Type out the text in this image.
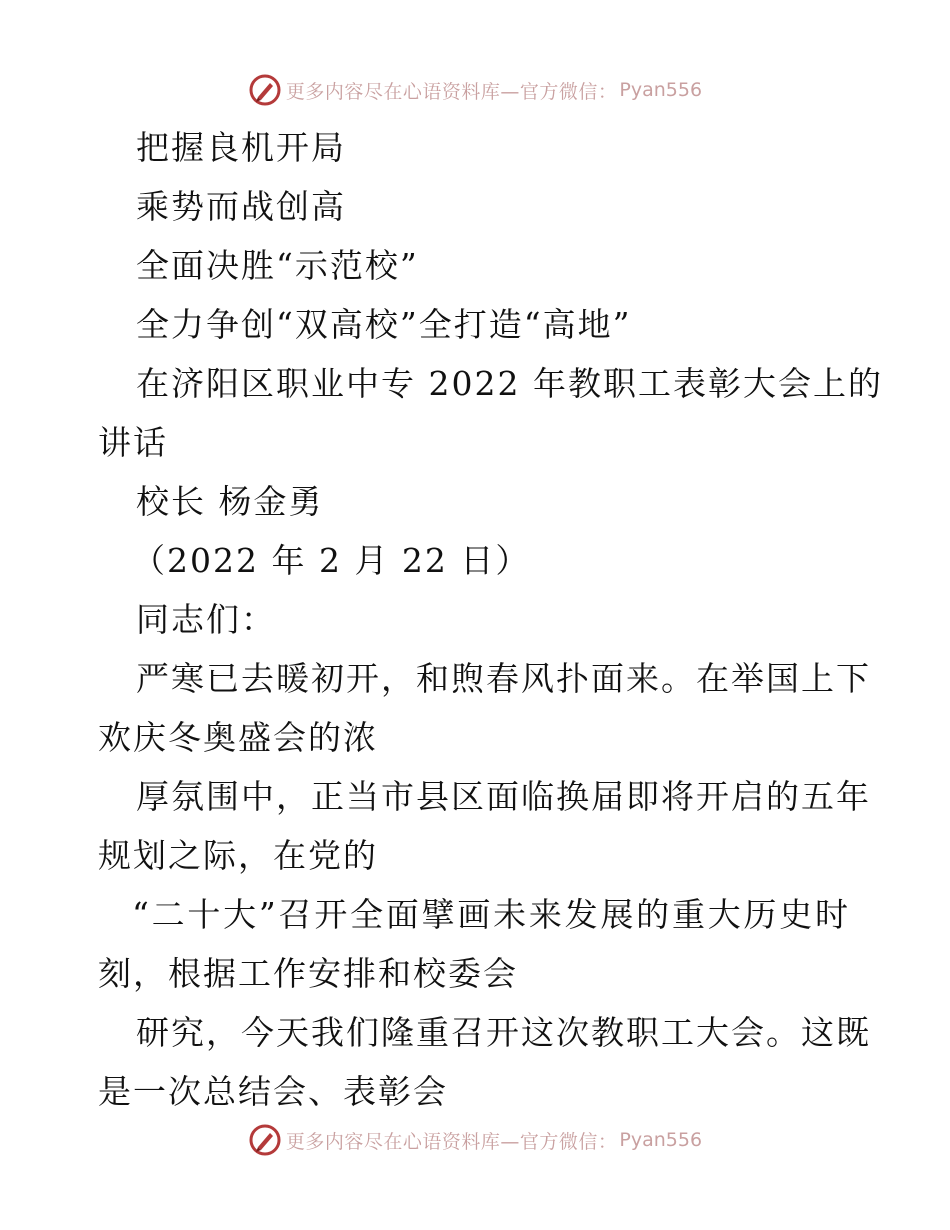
更多内容尽在心语资料库—官方微信： Pyan556
把握良机开局
乘势而战创高
全面决胜“示范校”
全力争创“双高校”全打造“高地”
在济阳区职业中专 2022 年教职工表彰大会上的
讲话
校长 杨金勇
（2022 年 2 月 22 日）
同志们：
严寒已去暖初开，和煦春风扑面来。在举国上下
欢庆冬奥盛会的浓
厚氛围中，正当市县区面临换届即将开启的五年
规划之际，在党的
“二十大”召开全面擘画未来发展的重大历史时
刻，根据工作安排和校委会
研究，今天我们隆重召开这次教职工大会。这既
是一次总结会、表彰会
更多内容尽在心语资料库—官方微信： Pyan556
